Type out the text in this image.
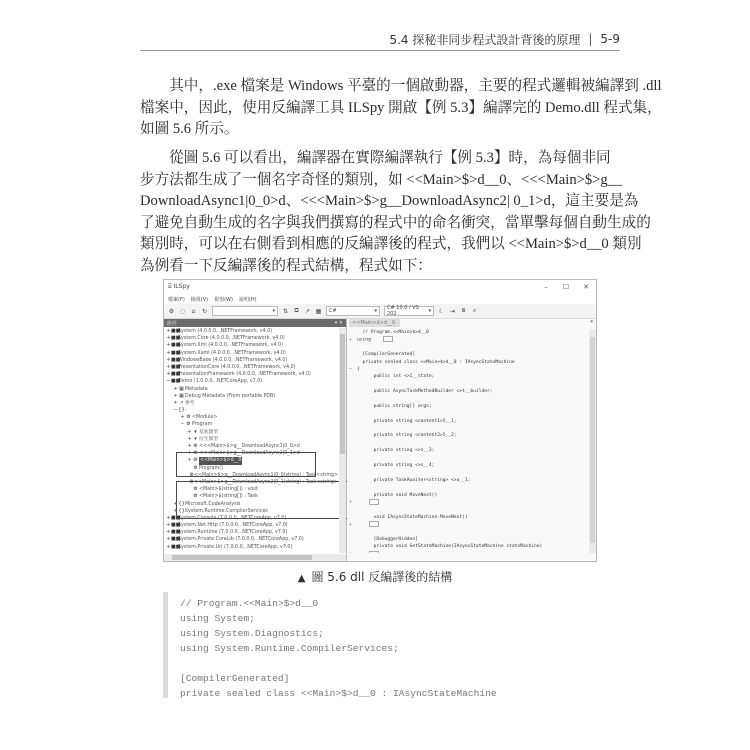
5.4 探秘非同步程式設計背後的原理 | 5-9

其中，.exe 檔案是 Windows 平臺的一個啟動器，主要的程式邏輯被編譯到 .dll
檔案中，因此，使用反編譯工具 ILSpy 開啟【例 5.3】編譯完的 Demo.dll 程式集，
如圖 5.6 所示。

從圖 5.6 可以看出，編譯器在實際編譯執行【例 5.3】時，為每個非同
步方法都生成了一個名字奇怪的類別，如 <<Main>$>d__0、<<<Main>$>g__
DownloadAsync1|0_0>d、<<<Main>$>g__DownloadAsync2| 0_1>d，這主要是為
了避免自動生成的名字與我們撰寫的程式中的命名衝突，當單擊每個自動生成的
類別時，可以在右側看到相應的反編譯後的程式，我們以 <<Main>$>d__0 類別
為例看一下反編譯後的程式結構，程式如下：

⌸ ILSpy	–	☐	✕
檔案(F) 檢視(V) 視窗(W) 說明(H)
⚙ ◌ ⌂ ↻	▾ ⇅ ⧉ ↗ ▦ C#	▾ C# 10.0 / VS 202	▾ ☾ ⇥ ⧈	⌕
組件	▾ ✕
+ ■■
System (4.0.0.0, .NETFramework, v4.0)
+ ■■
System.Core (4.0.0.0, .NETFramework, v4.0)
+ ■■
System.Xml (4.0.0.0, .NETFramework, v4.0)
+ ■■
System.Xaml (4.0.0.0, .NETFramework, v4.0)
+ ■■
WindowsBase (4.0.0.0, .NETFramework, v4.0)
+ ■■
PresentationCore (4.0.0.0, .NETFramework, v4.0)
+ ■■
PresentationFramework (4.0.0.0, .NETFramework, v4.0)
− ■■
Demo (1.0.0.0, .NETCoreApp, v7.0)
+ ▦ Metadata
+ ▦ Debug Metadata (From portable PDB)
+ ↗ 參考
− {} -
+ ⚙ <Module>
− ⚙ Program
+ ▾ 基底類型
+ ▾ 衍生類型
+ ⚙ <<<Main>$>g__DownloadAsync1|0_0>d
+ ⚙ <<<Main>$>g__DownloadAsync2|0_1>d
+ ⚙ <<Main>$>d__0
⚙ Program()
⚙ <<Main>$>g__DownloadAsync1|0_0(string) : Task<string>
⚙ <<Main>$>g__DownloadAsync2|0_1(string) : Task<string>
⚙ <Main>$(string[]) : void
⚙ <Main>$(string[]) : Task
+ {} Microsoft.CodeAnalysis
+ {} System.Runtime.CompilerServices
+ ■■
System.Console (7.0.0.0, .NETCoreApp, v7.0)
+ ■■
System.Net.Http (7.0.0.0, .NETCoreApp, v7.0)
+ ■■
System.Runtime (7.0.0.0, .NETCoreApp, v7.0)
+ ■■
System.Private.CoreLib (7.0.0.0, .NETCoreApp, v7.0)
+ ■■
System.Private.Uri (7.0.0.0, .NETCoreApp, v7.0)
<<Main>$>d__0	▾
// Program.<<Main>$>d__0
+ using
[CompilerGenerated]
private sealed class <<Main>$>d__0 : IAsyncStateMachine
− {
public int <>1__state;
public AsyncTaskMethodBuilder <>t__builder;
public string[] args;
private string <content1>5__1;
private string <content2>5__2;
private string <>s__3;
private string <>s__4;
private TaskAwaiter<string> <>u__1;
private void MoveNext()
+
void IAsyncStateMachine.MoveNext()
+
[DebuggerHidden]
private void SetStateMachine(IAsyncStateMachine stateMachine)
▲ 圖 5.6 dll 反編譯後的結構
// Program.<<Main>$>d__0
using System;
using System.Diagnostics;
using System.Runtime.CompilerServices;
[CompilerGenerated]
private sealed class <<Main>$>d__0 : IAsyncStateMachine
